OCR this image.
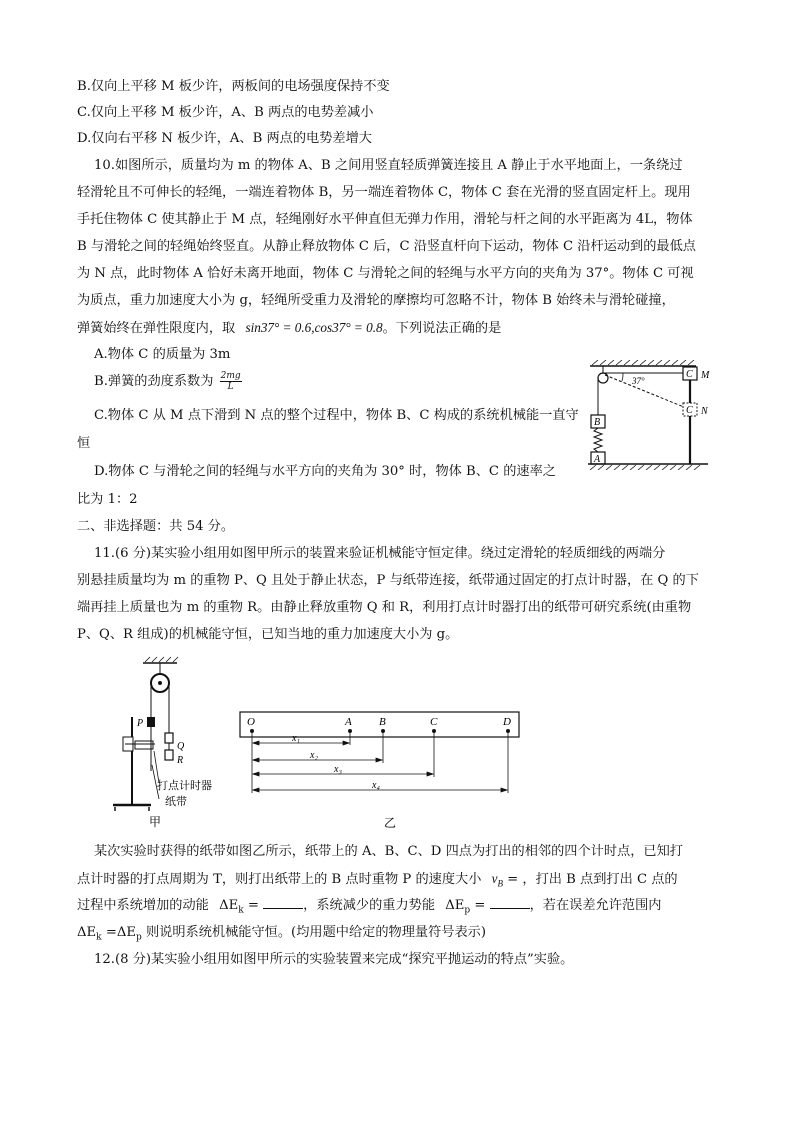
B.仅向上平移 M 板少许，两板间的电场强度保持不变
C.仅向上平移 M 板少许，A、B 两点的电势差减小
D.仅向右平移 N 板少许，A、B 两点的电势差增大
10.如图所示，质量均为 m 的物体 A、B 之间用竖直轻质弹簧连接且 A 静止于水平地面上，一条绕过
轻滑轮且不可伸长的轻绳，一端连着物体 B，另一端连着物体 C，物体 C 套在光滑的竖直固定杆上。现用
手托住物体 C 使其静止于 M 点，轻绳刚好水平伸直但无弹力作用，滑轮与杆之间的水平距离为 4L，物体
B 与滑轮之间的轻绳始终竖直。从静止释放物体 C 后，C 沿竖直杆向下运动，物体 C 沿杆运动到的最低点
为 N 点，此时物体 A 恰好未离开地面，物体 C 与滑轮之间的轻绳与水平方向的夹角为 37°。物体 C 可视
为质点，重力加速度大小为 g，轻绳所受重力及滑轮的摩擦均可忽略不计，物体 B 始终未与滑轮碰撞，
弹簧始终在弹性限度内，取 sin37° = 0.6,cos37° = 0.8。下列说法正确的是
A.物体 C 的质量为 3m
B.弹簧的劲度系数为 $\frac{2mg}{L}$
C.物体 C 从 M 点下滑到 N 点的整个过程中，物体 B、C 构成的系统机械能一直守
恒
D.物体 C 与滑轮之间的轻绳与水平方向的夹角为 30° 时，物体 B、C 的速率之
比为 1：2
37°
B
A
C M
C N
二、非选择题：共 54 分。
11.(6 分)某实验小组用如图甲所示的装置来验证机械能守恒定律。绕过定滑轮的轻质细线的两端分
别悬挂质量均为 m 的重物 P、Q 且处于静止状态，P 与纸带连接，纸带通过固定的打点计时器，在 Q 的下
端再挂上质量也为 m 的重物 R。由静止释放重物 Q 和 R，利用打点计时器打出的纸带可研究系统(由重物
P、Q、R 组成)的机械能守恒，已知当地的重力加速度大小为 g。
P
Q
R
打点计时器
纸带
甲
O	A B	C	D
x₁
x₂
x₃
x₄
乙
某次实验时获得的纸带如图乙所示，纸带上的 A、B、C、D 四点为打出的相邻的四个计时点，已知打
点计时器的打点周期为 T，则打出纸带上的 B 点时重物 P 的速度大小 $v_B$ = ，打出 B 点到打出 C 点的
过程中系统增加的动能 $\Delta E_k$ =	，系统减少的重力势能 $\Delta E_p$ =	，若在误差允许范围内
$\Delta E_k =\Delta E_p$ 则说明系统机械能守恒。(均用题中给定的物理量符号表示)
12.(8 分)某实验小组用如图甲所示的实验装置来完成“探究平抛运动的特点”实验。
